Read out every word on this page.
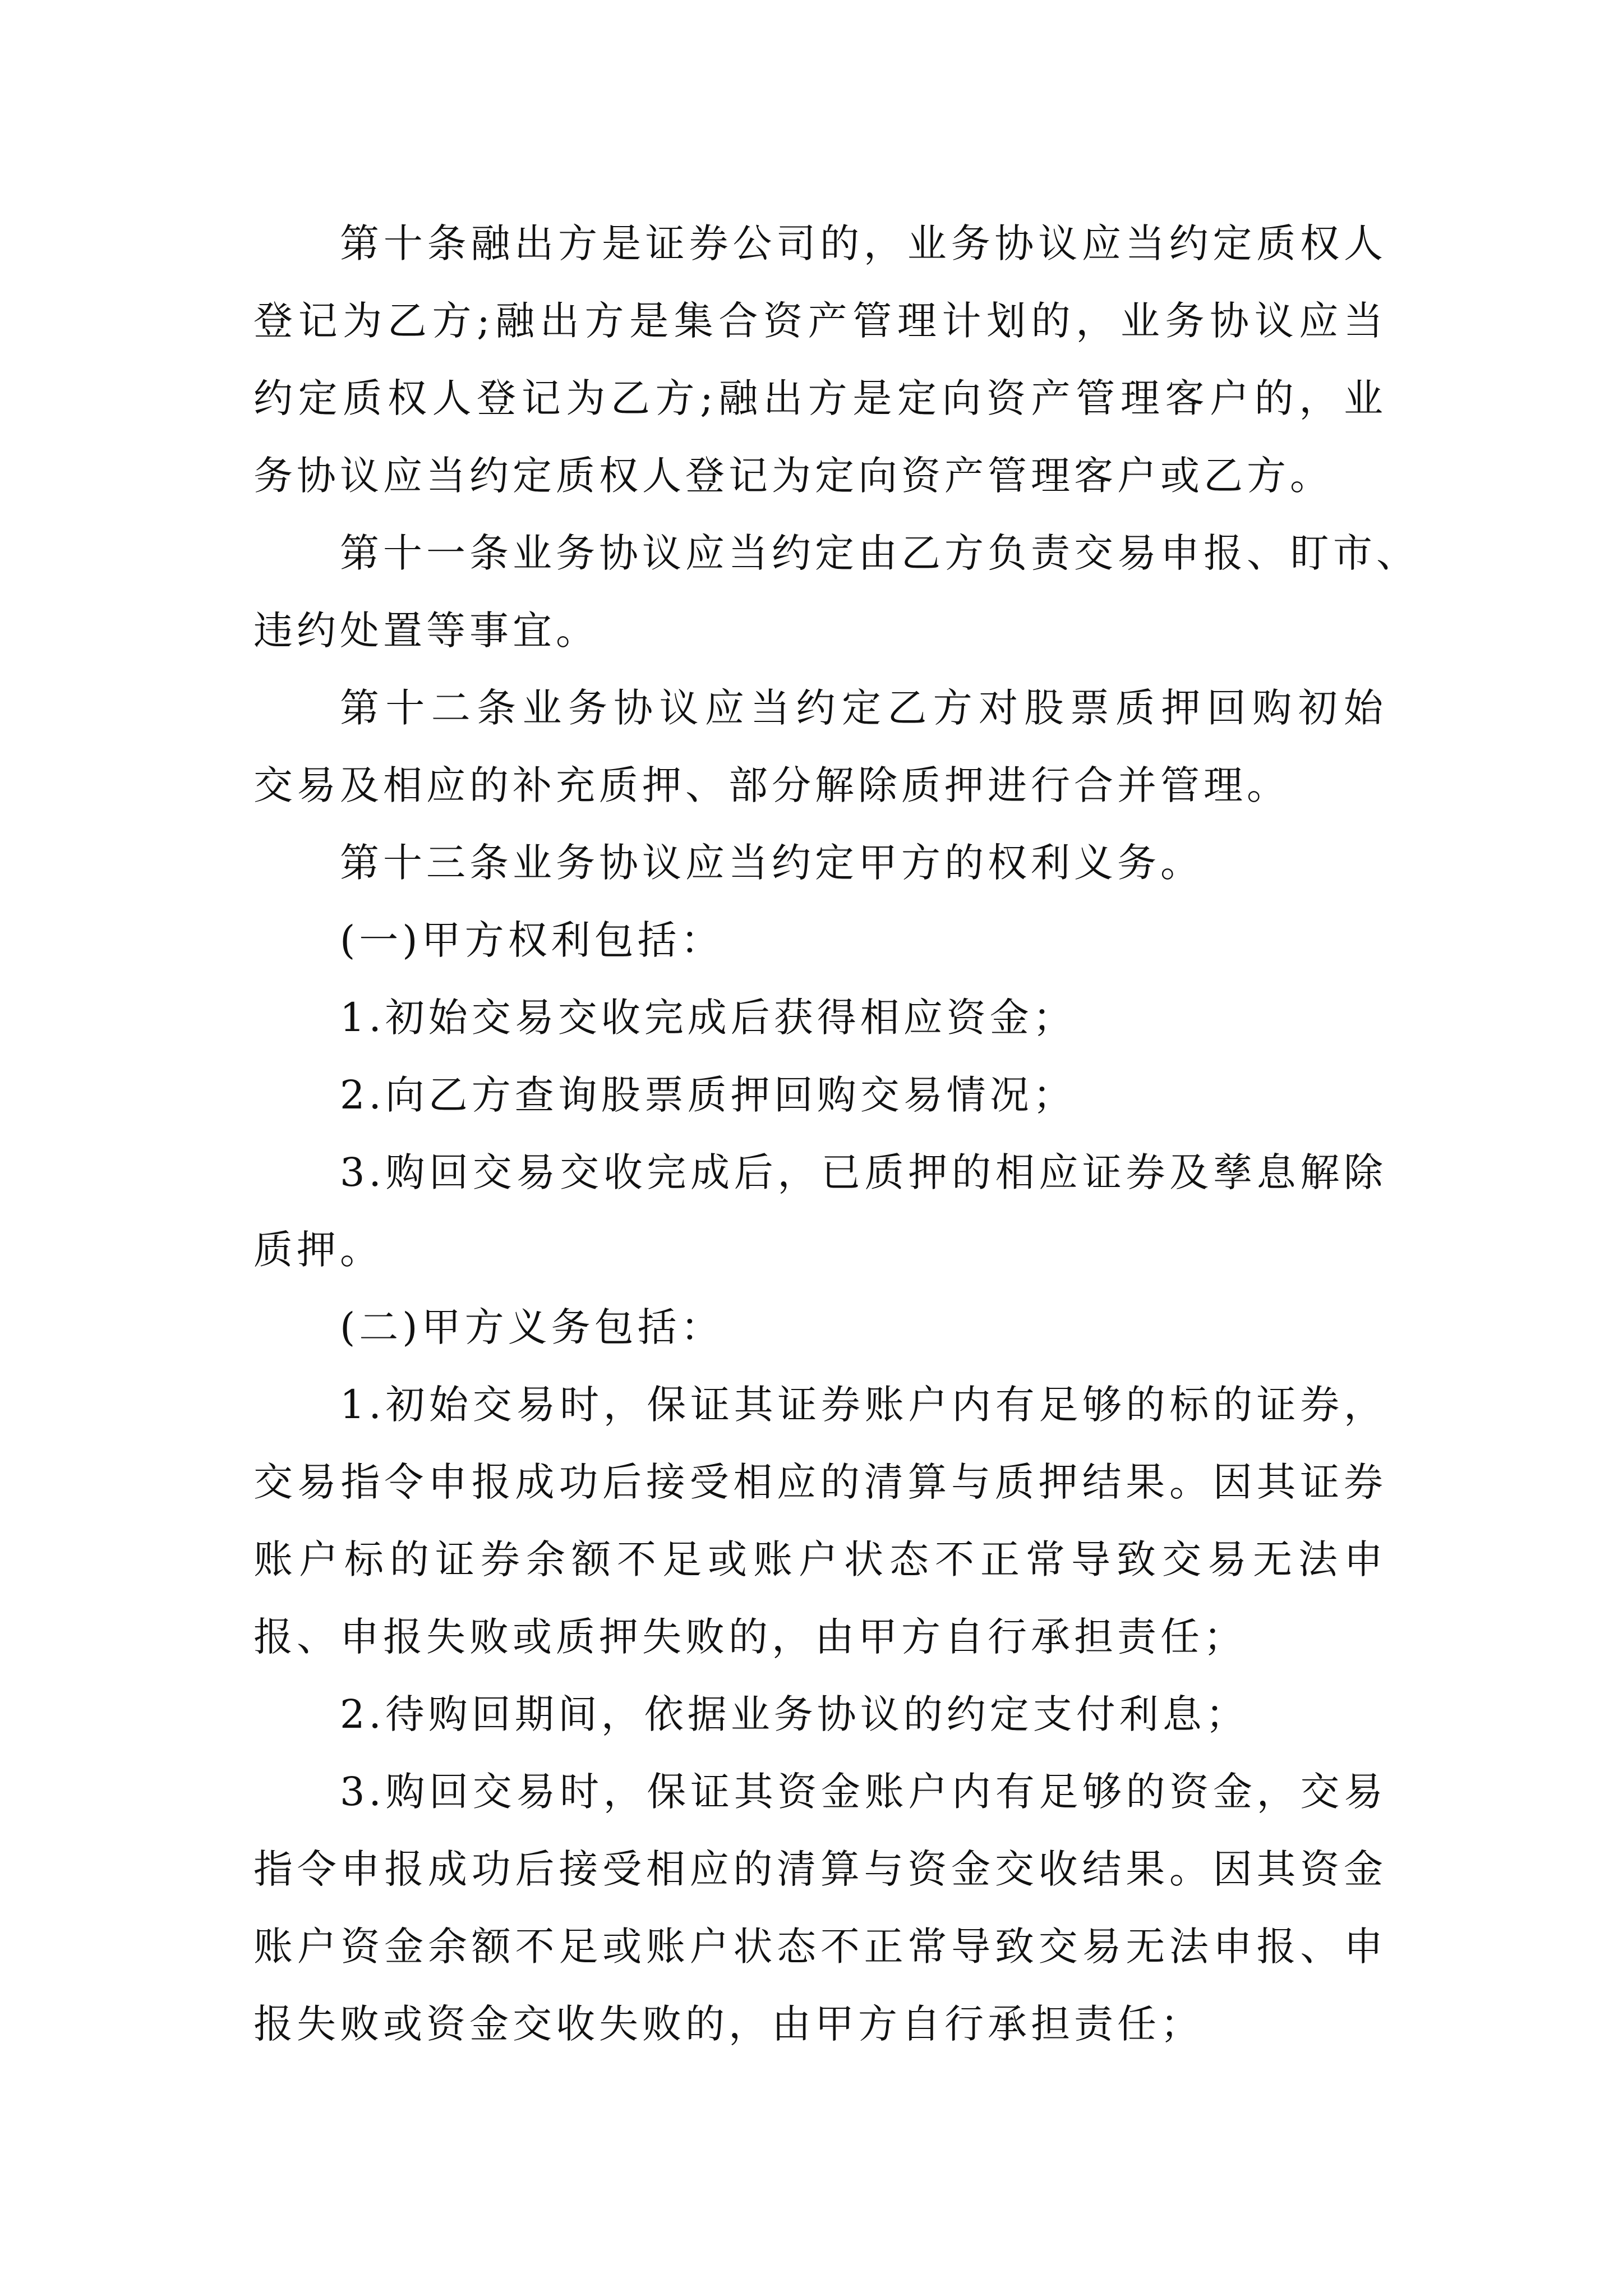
第十条融出方是证券公司的，业务协议应当约定质权人
登记为乙方;融出方是集合资产管理计划的，业务协议应当
约定质权人登记为乙方;融出方是定向资产管理客户的，业
务协议应当约定质权人登记为定向资产管理客户或乙方。
第十一条业务协议应当约定由乙方负责交易申报、盯市、
违约处置等事宜。
第十二条业务协议应当约定乙方对股票质押回购初始
交易及相应的补充质押、部分解除质押进行合并管理。
第十三条业务协议应当约定甲方的权利义务。
(一)甲方权利包括：
1.初始交易交收完成后获得相应资金；
2.向乙方查询股票质押回购交易情况；
3.购回交易交收完成后，已质押的相应证券及孳息解除
质押。
(二)甲方义务包括：
1.初始交易时，保证其证券账户内有足够的标的证券，
交易指令申报成功后接受相应的清算与质押结果。因其证券
账户标的证券余额不足或账户状态不正常导致交易无法申
报、申报失败或质押失败的，由甲方自行承担责任；
2.待购回期间，依据业务协议的约定支付利息；
3.购回交易时，保证其资金账户内有足够的资金，交易
指令申报成功后接受相应的清算与资金交收结果。因其资金
账户资金余额不足或账户状态不正常导致交易无法申报、申
报失败或资金交收失败的，由甲方自行承担责任；
